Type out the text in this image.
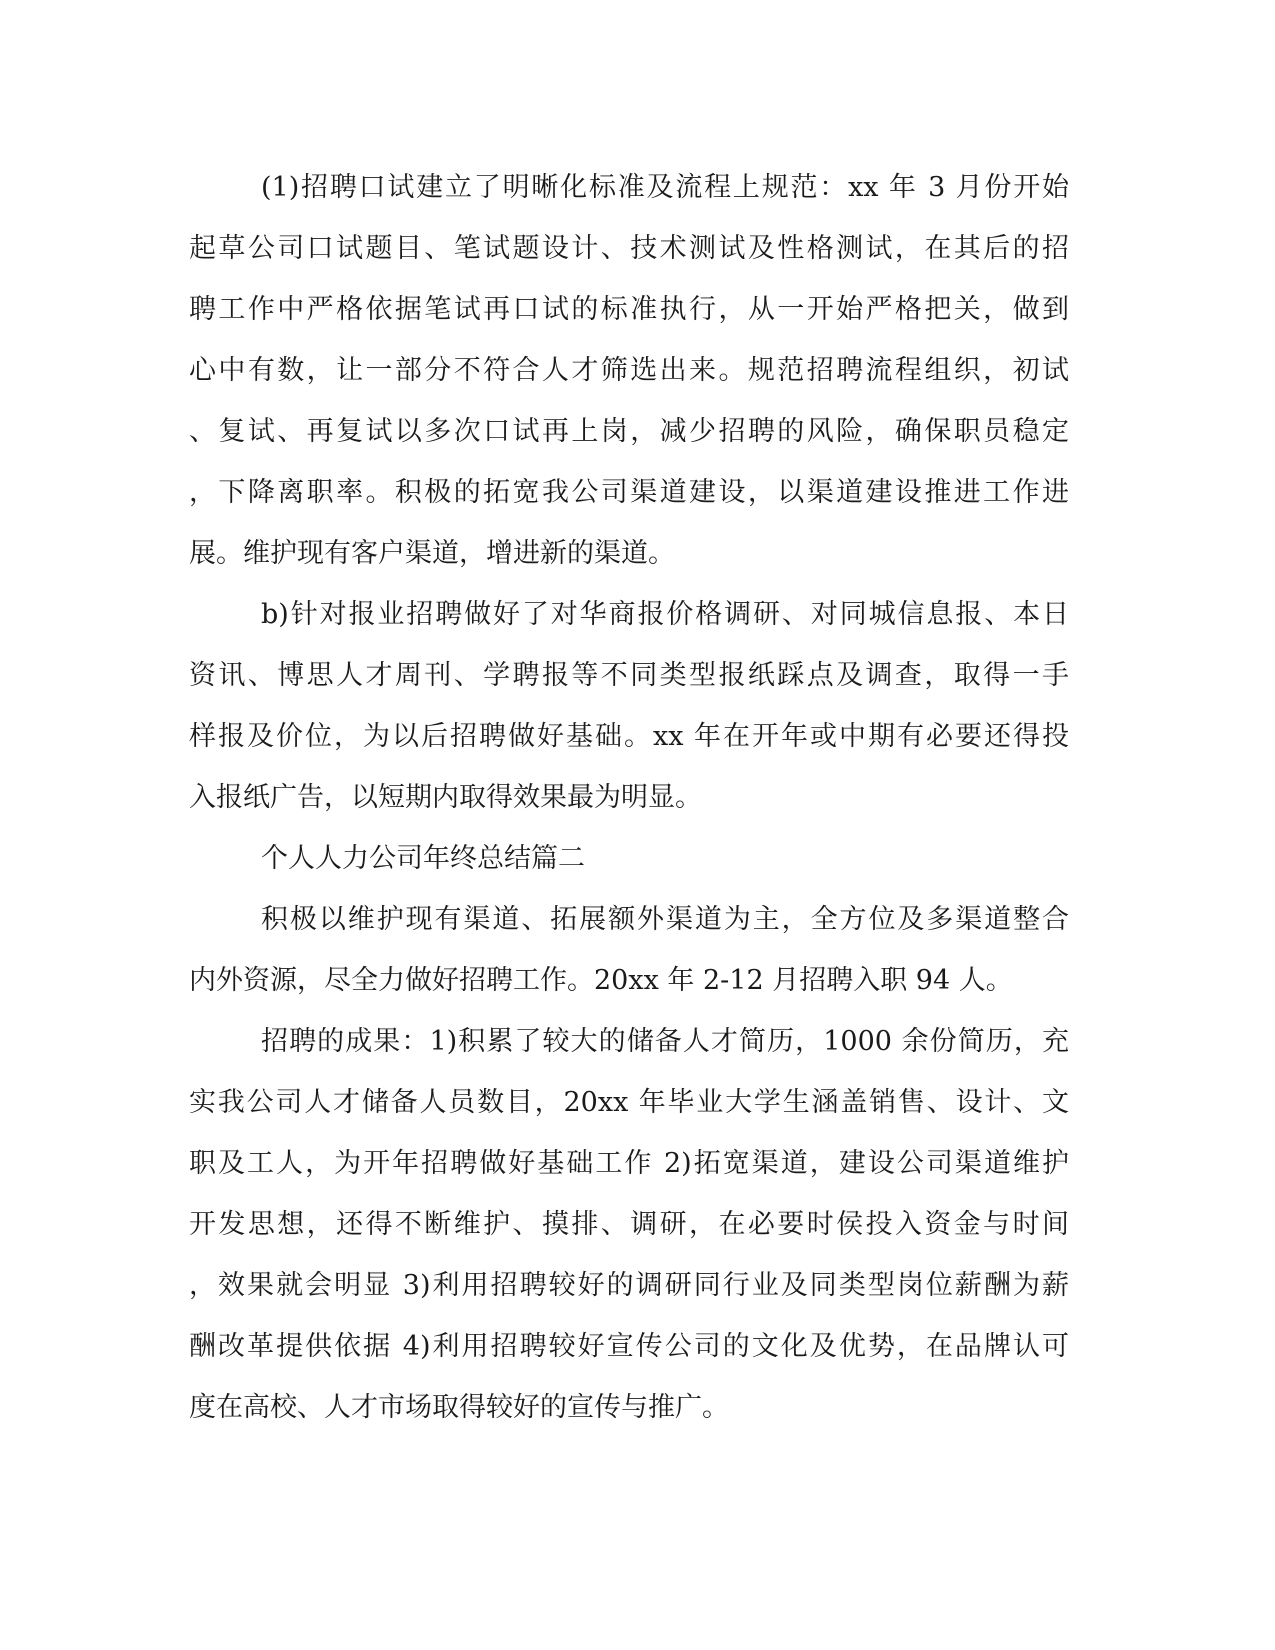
(1)招聘口试建立了明晰化标准及流程上规范：xx 年 3 月份开始
起草公司口试题目、笔试题设计、技术测试及性格测试，在其后的招
聘工作中严格依据笔试再口试的标准执行，从一开始严格把关，做到
心中有数，让一部分不符合人才筛选出来。规范招聘流程组织，初试
、复试、再复试以多次口试再上岗，减少招聘的风险，确保职员稳定
，下降离职率。积极的拓宽我公司渠道建设，以渠道建设推进工作进
展。维护现有客户渠道，增进新的渠道。
b)针对报业招聘做好了对华商报价格调研、对同城信息报、本日
资讯、博思人才周刊、学聘报等不同类型报纸踩点及调查，取得一手
样报及价位，为以后招聘做好基础。xx 年在开年或中期有必要还得投
入报纸广告，以短期内取得效果最为明显。
个人人力公司年终总结篇二
积极以维护现有渠道、拓展额外渠道为主，全方位及多渠道整合
内外资源，尽全力做好招聘工作。20xx 年 2-12 月招聘入职 94 人。
招聘的成果：1)积累了较大的储备人才简历，1000 余份简历，充
实我公司人才储备人员数目，20xx 年毕业大学生涵盖销售、设计、文
职及工人，为开年招聘做好基础工作 2)拓宽渠道，建设公司渠道维护
开发思想，还得不断维护、摸排、调研，在必要时侯投入资金与时间
，效果就会明显 3)利用招聘较好的调研同行业及同类型岗位薪酬为薪
酬改革提供依据 4)利用招聘较好宣传公司的文化及优势，在品牌认可
度在高校、人才市场取得较好的宣传与推广。
